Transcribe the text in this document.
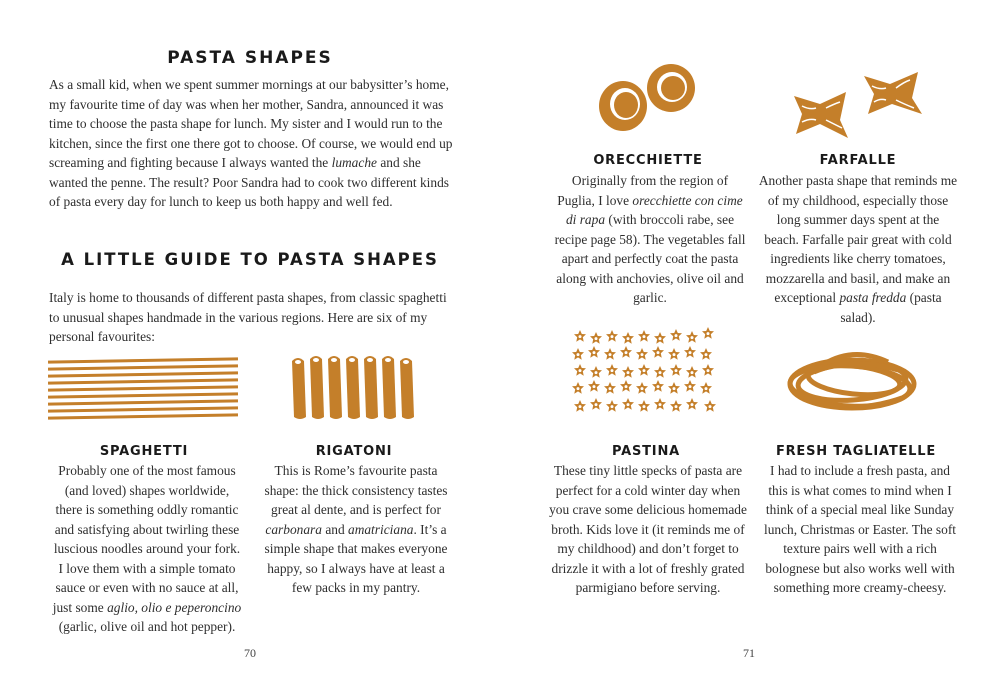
PASTA SHAPES
As a small kid, when we spent summer mornings at our babysitter’s home, my favourite time of day was when her mother, Sandra, announced it was time to choose the pasta shape for lunch. My sister and I would run to the kitchen, since the first one there got to choose. Of course, we would end up screaming and fighting because I always wanted the lumache and she wanted the penne. The result? Poor Sandra had to cook two different kinds of pasta every day for lunch to keep us both happy and well fed.
A LITTLE GUIDE TO PASTA SHAPES
Italy is home to thousands of different pasta shapes, from classic spaghetti to unusual shapes handmade in the various regions. Here are six of my personal favourites:
SPAGHETTI
Probably one of the most famous (and loved) shapes worldwide, there is something oddly romantic and satisfying about twirling these luscious noodles around your fork. I love them with a simple tomato sauce or even with no sauce at all, just some aglio, olio e peperoncino (garlic, olive oil and hot pepper).
RIGATONI
This is Rome’s favourite pasta shape: the thick consistency tastes great al dente, and is perfect for carbonara and amatriciana. It’s a simple shape that makes everyone happy, so I always have at least a few packs in my pantry.
70
ORECCHIETTE
Originally from the region of Puglia, I love orecchiette con cime di rapa (with broccoli rabe, see recipe page 58). The vegetables fall apart and perfectly coat the pasta along with anchovies, olive oil and garlic.
FARFALLE
Another pasta shape that reminds me of my childhood, especially those long summer days spent at the beach. Farfalle pair great with cold ingredients like cherry tomatoes, mozzarella and basil, and make an exceptional pasta fredda (pasta salad).
PASTINA
These tiny little specks of pasta are perfect for a cold winter day when you crave some delicious homemade broth. Kids love it (it reminds me of my childhood) and don’t forget to drizzle it with a lot of freshly grated parmigiano before serving.
FRESH TAGLIATELLE
I had to include a fresh pasta, and this is what comes to mind when I think of a special meal like Sunday lunch, Christmas or Easter. The soft texture pairs well with a rich bolognese but also works well with something more creamy-cheesy.
71
